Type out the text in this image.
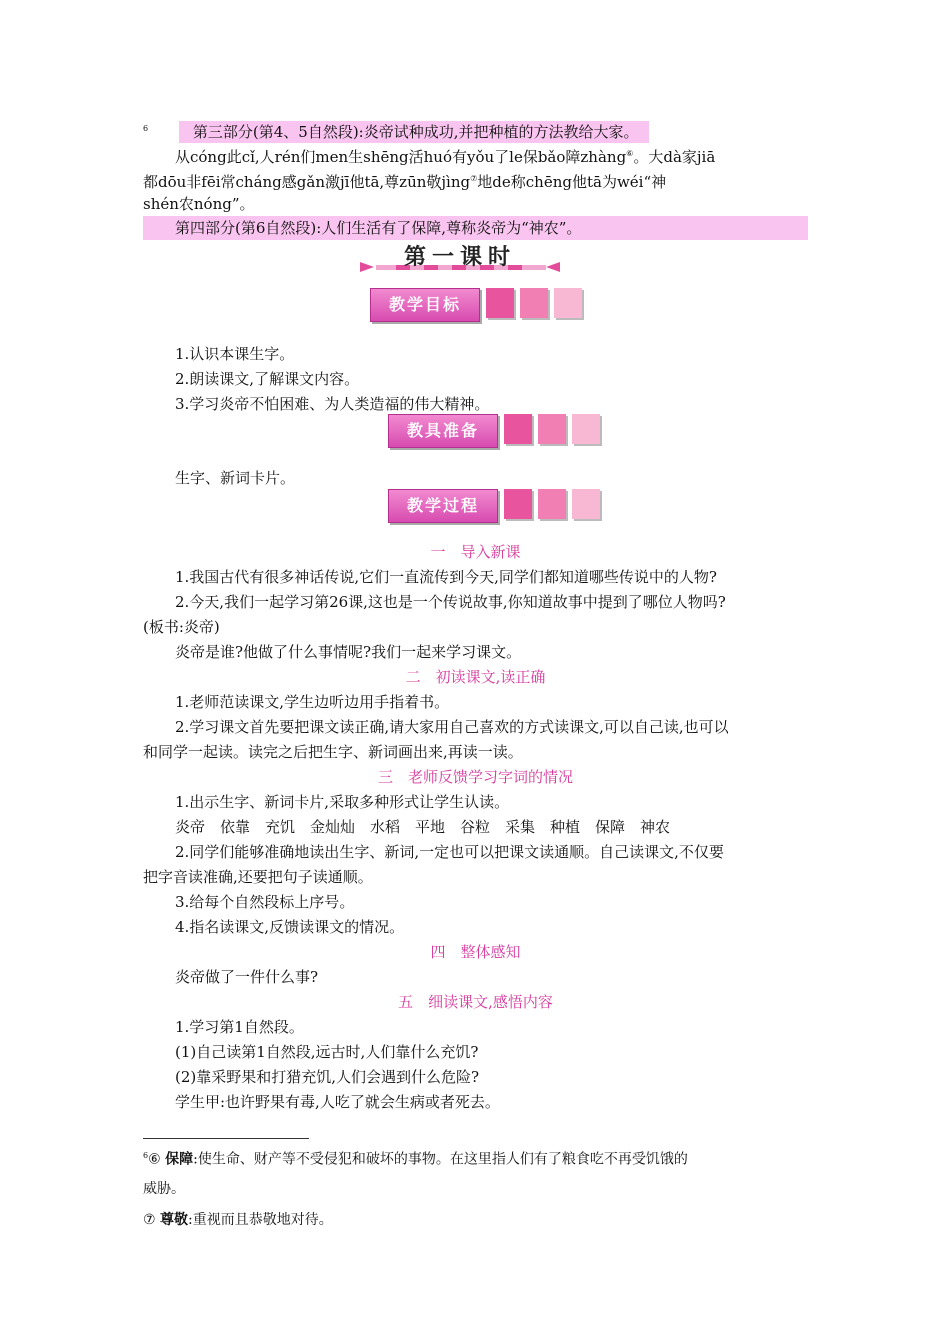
$^6$	第三部分(第4、5自然段):炎帝试种成功,并把种植的方法教给大家。
从cóng此cǐ,人rén们men生shēng活huó有yǒu了le保bǎo障zhàng⑥。大dà家jiā
都dōu非fēi常cháng感gǎn激jī他tā,尊zūn敬jìng⑦地de称chēng他tā为wéi“神
shén农nóng”。
第四部分(第6自然段):人们生活有了保障,尊称炎帝为“神农”。
第一课时
教学目标
1.认识本课生字。
2.朗读课文,了解课文内容。
3.学习炎帝不怕困难、为人类造福的伟大精神。
教具准备
生字、新词卡片。
教学过程
一　导入新课
1.我国古代有很多神话传说,它们一直流传到今天,同学们都知道哪些传说中的人物?
2.今天,我们一起学习第26课,这也是一个传说故事,你知道故事中提到了哪位人物吗?
(板书:炎帝)
炎帝是谁?他做了什么事情呢?我们一起来学习课文。
二　初读课文,读正确
1.老师范读课文,学生边听边用手指着书。
2.学习课文首先要把课文读正确,请大家用自己喜欢的方式读课文,可以自己读,也可以
和同学一起读。读完之后把生字、新词画出来,再读一读。
三　老师反馈学习字词的情况
1.出示生字、新词卡片,采取多种形式让学生认读。
炎帝　依靠　充饥　金灿灿　水稻　平地　谷粒　采集　种植　保障　神农
2.同学们能够准确地读出生字、新词,一定也可以把课文读通顺。自己读课文,不仅要
把字音读准确,还要把句子读通顺。
3.给每个自然段标上序号。
4.指名读课文,反馈读课文的情况。
四　整体感知
炎帝做了一件什么事?
五　细读课文,感悟内容
1.学习第1自然段。
(1)自己读第1自然段,远古时,人们靠什么充饥?
(2)靠采野果和打猎充饥,人们会遇到什么危险?
学生甲:也许野果有毒,人吃了就会生病或者死去。
$^6$⑥ 保障:使生命、财产等不受侵犯和破坏的事物。在这里指人们有了粮食吃不再受饥饿的
威胁。
⑦ 尊敬:重视而且恭敬地对待。
